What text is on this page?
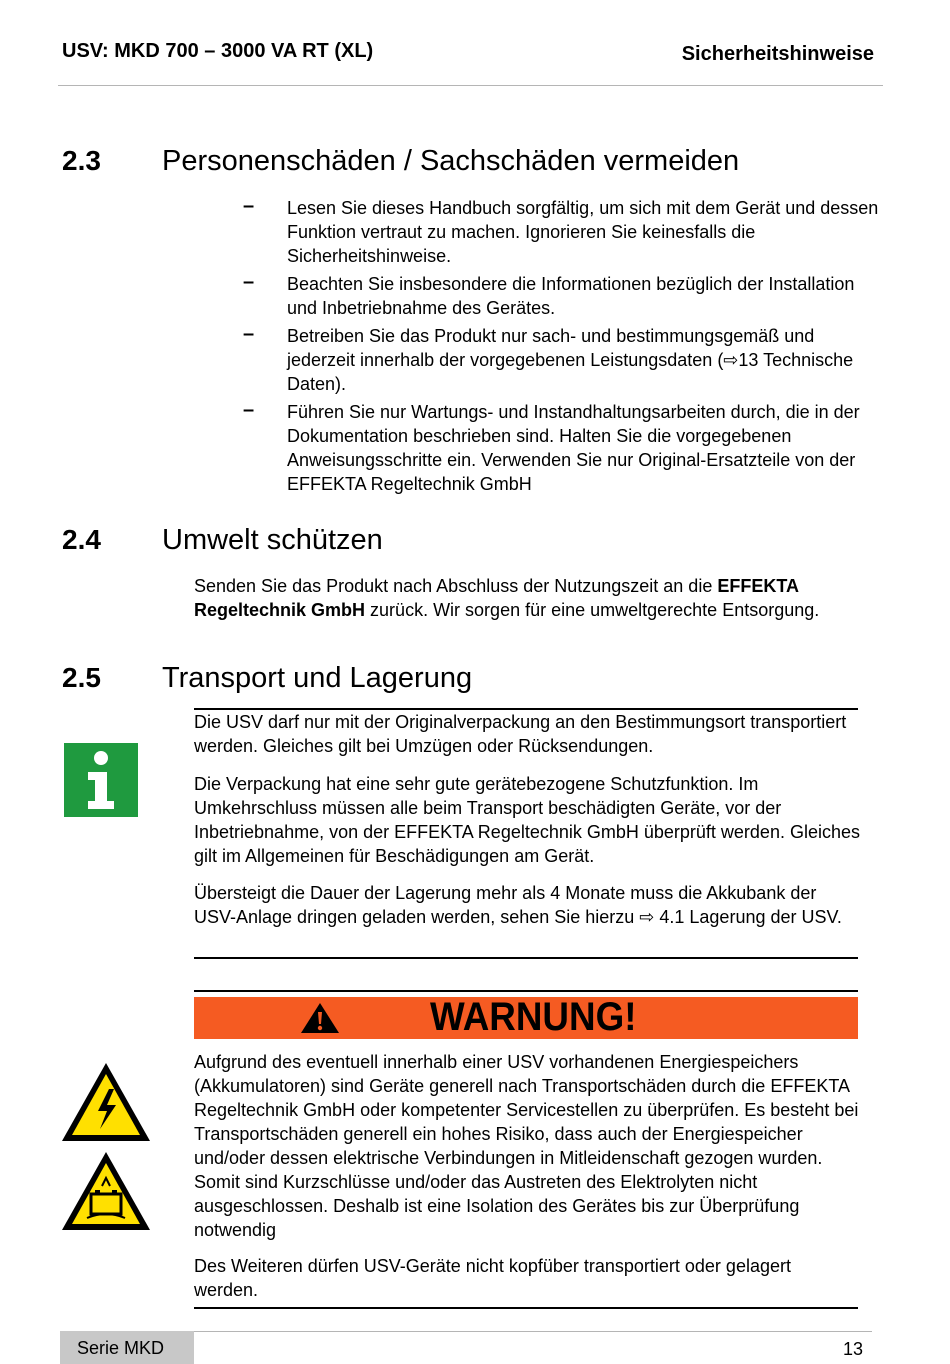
USV: MKD 700 – 3000 VA RT (XL)	Sicherheitshinweise
2.3 Personenschäden / Sachschäden vermeiden
– Lesen Sie dieses Handbuch sorgfältig, um sich mit dem Gerät und dessen Funktion vertraut zu machen. Ignorieren Sie keinesfalls die Sicherheitshinweise.
– Beachten Sie insbesondere die Informationen bezüglich der Installation und Inbetriebnahme des Gerätes.
– Betreiben Sie das Produkt nur sach- und bestimmungsgemäß und jederzeit innerhalb der vorgegebenen Leistungsdaten (⇨13 Technische Daten).
– Führen Sie nur Wartungs- und Instandhaltungsarbeiten durch, die in der Dokumentation beschrieben sind. Halten Sie die vorgegebenen Anweisungsschritte ein. Verwenden Sie nur Original-Ersatzteile von der EFFEKTA Regeltechnik GmbH
2.4 Umwelt schützen
Senden Sie das Produkt nach Abschluss der Nutzungszeit an die EFFEKTA Regeltechnik GmbH zurück. Wir sorgen für eine umweltgerechte Entsorgung.
2.5 Transport und Lagerung
Die USV darf nur mit der Originalverpackung an den Bestimmungsort transportiert werden. Gleiches gilt bei Umzügen oder Rücksendungen.
Die Verpackung hat eine sehr gute gerätebezogene Schutzfunktion. Im Umkehrschluss müssen alle beim Transport beschädigten Geräte, vor der Inbetriebnahme, von der EFFEKTA Regeltechnik GmbH überprüft werden. Gleiches gilt im Allgemeinen für Beschädigungen am Gerät.
Übersteigt die Dauer der Lagerung mehr als 4 Monate muss die Akkubank der USV-Anlage dringen geladen werden, sehen Sie hierzu ⇨ 4.1 Lagerung der USV.
WARNUNG!
Aufgrund des eventuell innerhalb einer USV vorhandenen Energiespeichers (Akkumulatoren) sind Geräte generell nach Transportschäden durch die EFFEKTA Regeltechnik GmbH oder kompetenter Servicestellen zu überprüfen. Es besteht bei Transportschäden generell ein hohes Risiko, dass auch der Energiespeicher und/oder dessen elektrische Verbindungen in Mitleidenschaft gezogen wurden. Somit sind Kurzschlüsse und/oder das Austreten des Elektrolyten nicht ausgeschlossen. Deshalb ist eine Isolation des Gerätes bis zur Überprüfung notwendig
Des Weiteren dürfen USV-Geräte nicht kopfüber transportiert oder gelagert werden.
Serie MKD	13
